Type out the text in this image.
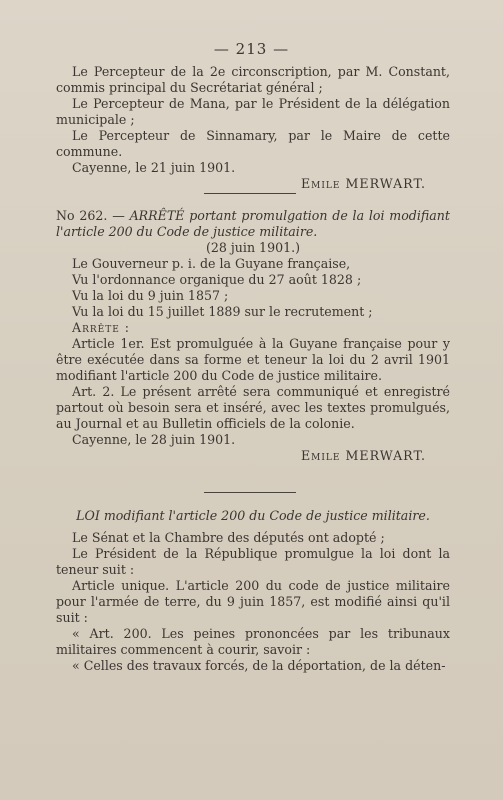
— 213 —

Le Percepteur de la 2e circonscription, par M. Constant, commis principal du Secrétariat général ;

Le Percepteur de Mana, par le Président de la délégation municipale ;

Le Percepteur de Sinnamary, par le Maire de cette commune.

Cayenne, le 21 juin 1901.

Emile MERWART.

No 262. — ARRÊTÉ portant promulgation de la loi modifiant l'article 200 du Code de justice militaire.

(28 juin 1901.)

Le Gouverneur p. i. de la Guyane française,

Vu l'ordonnance organique du 27 août 1828 ;

Vu la loi du 9 juin 1857 ;

Vu la loi du 15 juillet 1889 sur le recrutement ;

Arrête :

Article 1er. Est promulguée à la Guyane française pour y être exécutée dans sa forme et teneur la loi du 2 avril 1901 modifiant l'article 200 du Code de justice militaire.

Art. 2. Le présent arrêté sera communiqué et enregistré partout où besoin sera et inséré, avec les textes promulgués, au Journal et au Bulletin officiels de la colonie.

Cayenne, le 28 juin 1901.

Emile MERWART.

LOI modifiant l'article 200 du Code de justice militaire.

Le Sénat et la Chambre des députés ont adopté ;

Le Président de la République promulgue la loi dont la teneur suit :

Article unique. L'article 200 du code de justice militaire pour l'armée de terre, du 9 juin 1857, est modifié ainsi qu'il suit :

« Art. 200. Les peines prononcées par les tribunaux militaires commencent à courir, savoir :

« Celles des travaux forcés, de la déportation, de la déten-
